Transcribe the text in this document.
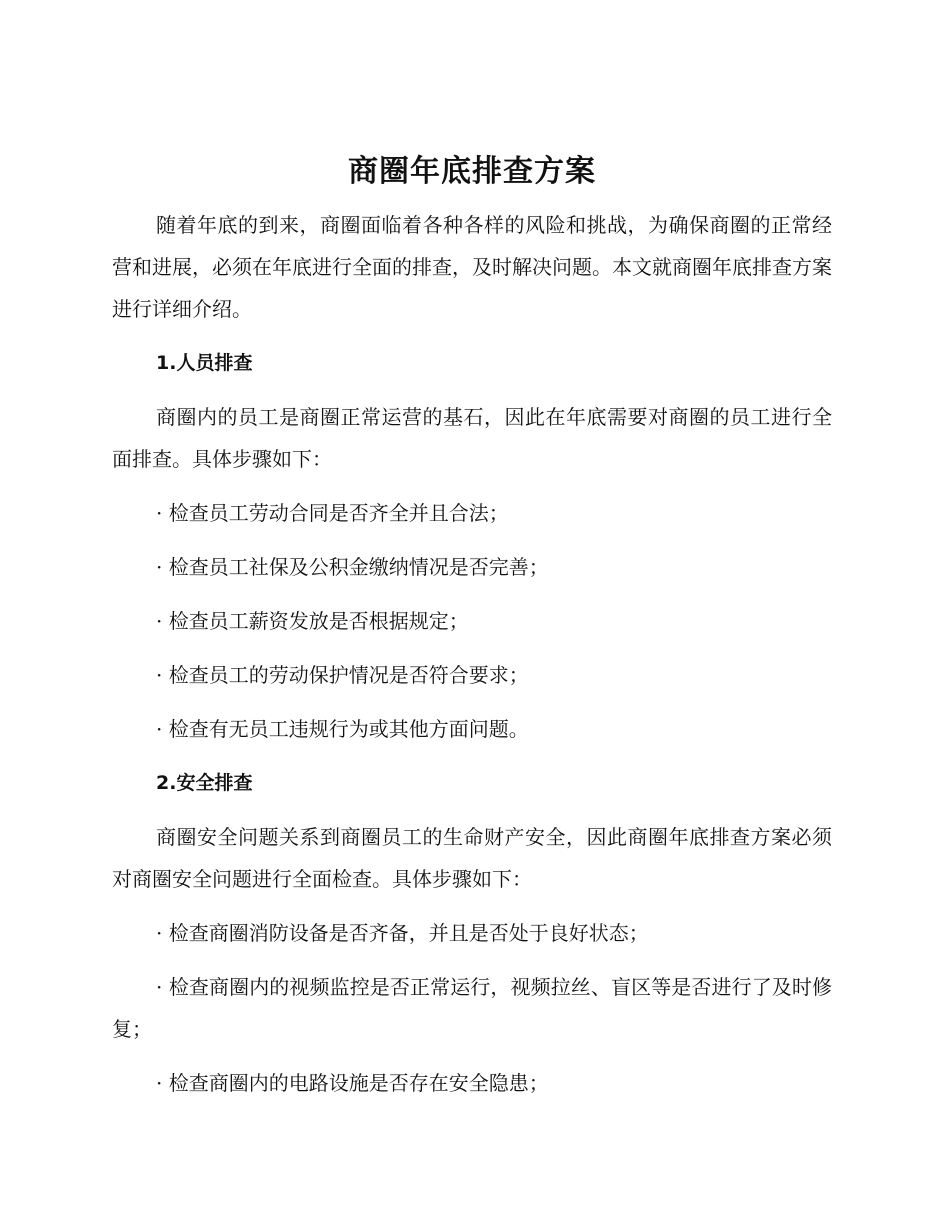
商圈年底排查方案

随着年底的到来，商圈面临着各种各样的风险和挑战，为确保商圈的正常经营和进展，必须在年底进行全面的排查，及时解决问题。本文就商圈年底排查方案进行详细介绍。

1.人员排查

商圈内的员工是商圈正常运营的基石，因此在年底需要对商圈的员工进行全面排查。具体步骤如下：

· 检查员工劳动合同是否齐全并且合法；

· 检查员工社保及公积金缴纳情况是否完善；

· 检查员工薪资发放是否根据规定；

· 检查员工的劳动保护情况是否符合要求；

· 检查有无员工违规行为或其他方面问题。

2.安全排查

商圈安全问题关系到商圈员工的生命财产安全，因此商圈年底排查方案必须对商圈安全问题进行全面检查。具体步骤如下：

· 检查商圈消防设备是否齐备，并且是否处于良好状态；

· 检查商圈内的视频监控是否正常运行，视频拉丝、盲区等是否进行了及时修复；

· 检查商圈内的电路设施是否存在安全隐患；
